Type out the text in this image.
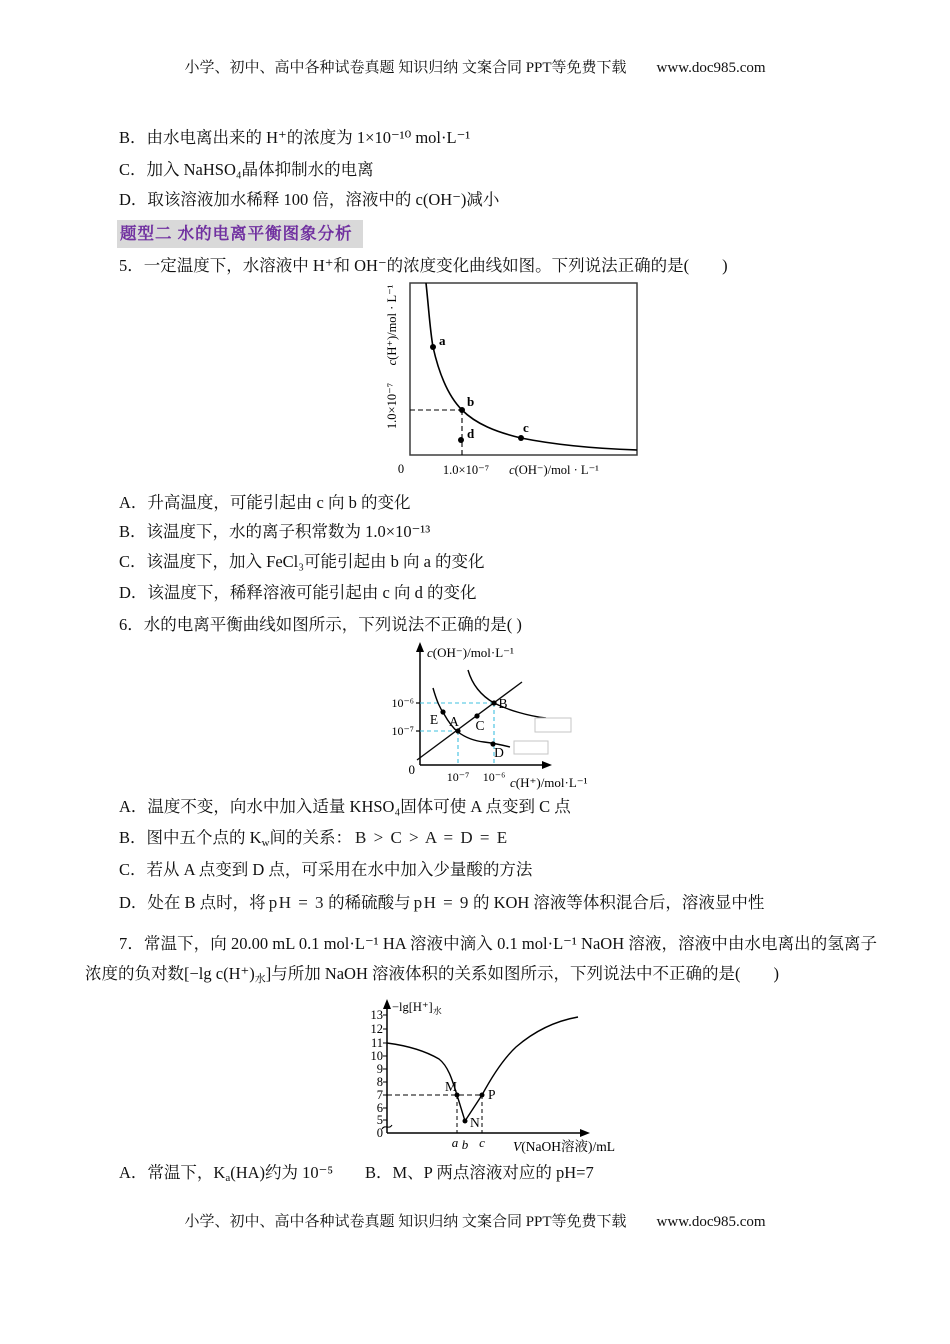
小学、初中、高中各种试卷真题 知识归纳 文案合同 PPT等免费下载 www.doc985.com
B．由水电离出来的 H⁺的浓度为 1×10⁻¹⁰ mol·L⁻¹
C．加入 NaHSO₄晶体抑制水的电离
D．取该溶液加水稀释 100 倍，溶液中的 c(OH⁻)减小
题型二 水的电离平衡图象分析
5．一定温度下，水溶液中 H⁺和 OH⁻的浓度变化曲线如图。下列说法正确的是(　　)
c(H⁺)/mol · L⁻¹
1.0×10⁻⁷
0	1.0×10⁻⁷ c(OH⁻)/mol · L⁻¹
a
b
c
d
A．升高温度，可能引起由 c 向 b 的变化
B．该温度下，水的离子积常数为 1.0×10⁻¹³
C．该温度下，加入 FeCl₃可能引起由 b 向 a 的变化
D．该温度下，稀释溶液可能引起由 c 向 d 的变化
6．水的电离平衡曲线如图所示，下列说法不正确的是( )
c(OH⁻)/mol·L⁻¹
c(H⁺)/mol·L⁻¹
10⁻⁶
10⁻⁷
0	10⁻⁷ 10⁻⁶
E A C
B
D
A．温度不变，向水中加入适量 KHSO₄固体可使 A 点变到 C 点
B．图中五个点的 $K_w$间的关系： B > C > A = D = E
C．若从 A 点变到 D 点，可采用在水中加入少量酸的方法
D．处在 B 点时，将 pH = 3 的稀硫酸与 pH = 9 的 KOH 溶液等体积混合后，溶液显中性
7．常温下，向 20.00 mL 0.1 mol·L⁻¹ HA 溶液中滴入 0.1 mol·L⁻¹ NaOH 溶液，溶液中由水电离出的氢离子浓度的负对数[−lg $c(H^+)_水$]与所加 NaOH 溶液体积的关系如图所示，下列说法中不正确的是(　　)
$-\lg[H^+]_水$
13
12
11
10
9
8
7
6
5
0
M
N
P
a b c V(NaOH溶液)/mL
A．常温下，$K_a(HA)$约为 10⁻⁵ B．M、P 两点溶液对应的 pH=7
小学、初中、高中各种试卷真题 知识归纳 文案合同 PPT等免费下载 www.doc985.com
